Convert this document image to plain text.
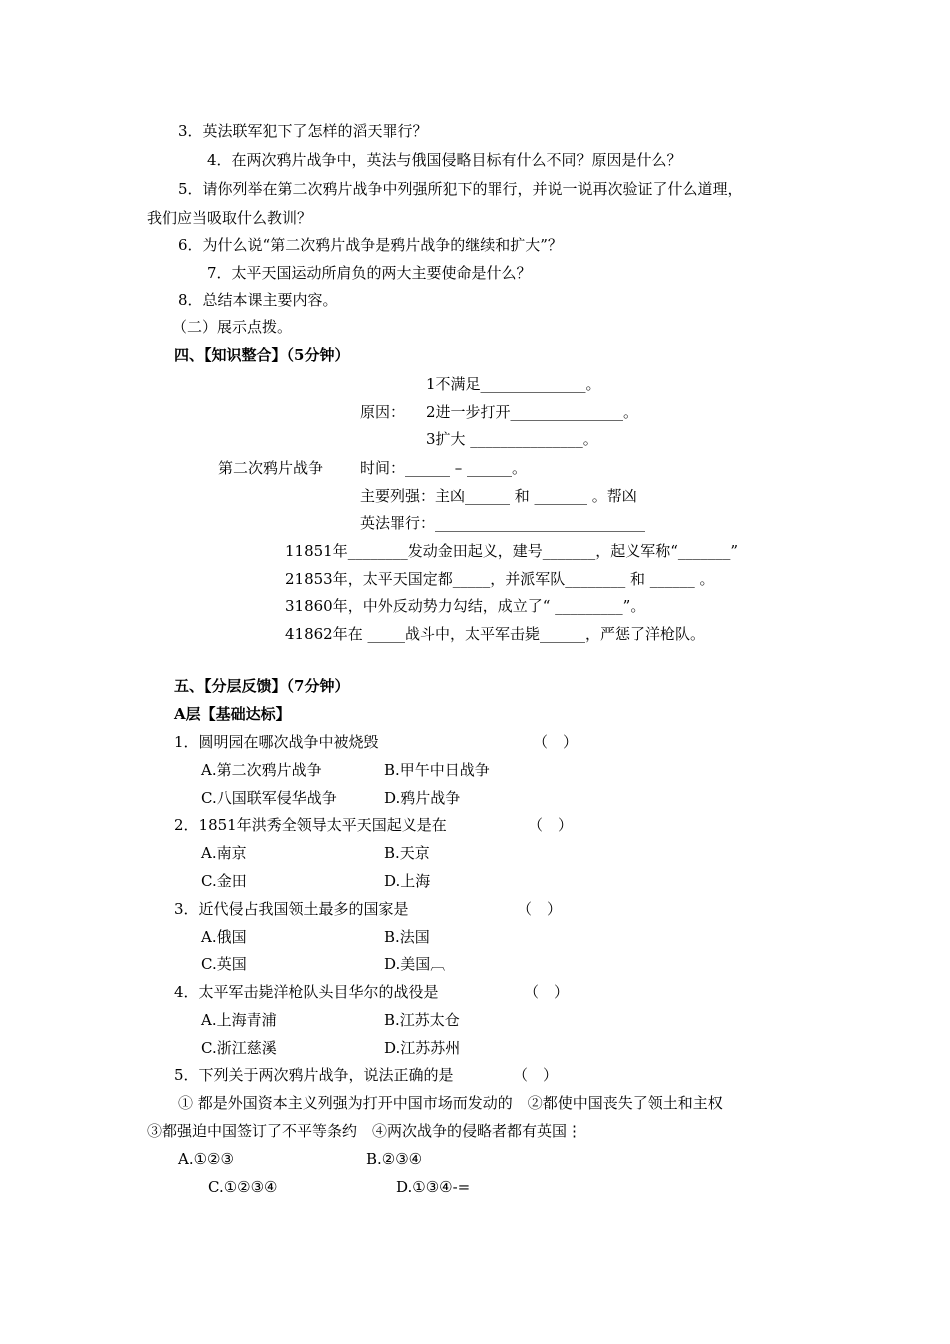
3．英法联军犯下了怎样的滔天罪行？
4．在两次鸦片战争中，英法与俄国侵略目标有什么不同？原因是什么？
5．请你列举在第二次鸦片战争中列强所犯下的罪行，并说一说再次验证了什么道理，
我们应当吸取什么教训？
6．为什么说“第二次鸦片战争是鸦片战争的继续和扩大”？
7．太平天国运动所肩负的两大主要使命是什么？
8．总结本课主要内容。
（二）展示点拨。
四、【知识整合】（5分钟）
1不满足______________。
原因： 2进一步打开_______________。
3扩大 _______________。
第二次鸦片战争 时间：______ – ______。
主要列强：主凶______ 和 _______ 。帮凶
英法罪行：____________________________
11851年________发动金田起义，建号_______，起义军称“_______”
21853年，太平天国定都_____，并派军队________ 和 ______ 。
31860年，中外反动势力勾结，成立了“ _________”。
41862年在 _____战斗中，太平军击毙______，严惩了洋枪队。
五、【分层反馈】（7分钟）
A层【基础达标】
1．圆明园在哪次战争中被烧毁	（　）
A.第二次鸦片战争	B.甲午中日战争
C.八国联军侵华战争	D.鸦片战争
2．1851年洪秀全领导太平天国起义是在	（　）
A.南京	B.天京
C.金田	D.上海
3．近代侵占我国领土最多的国家是	（　）
A.俄国	B.法国
C.英国	D.美国︹
4．太平军击毙洋枪队头目华尔的战役是	（　）
A.上海青浦	B.江苏太仓
C.浙江慈溪	D.江苏苏州
5．下列关于两次鸦片战争，说法正确的是	（　）
① 都是外国资本主义列强为打开中国市场而发动的　②都使中国丧失了领土和主权
③都强迫中国签订了不平等条约　④两次战争的侵略者都有英国⋮
A.①②③	B.②③④
C.①②③④	D.①③④-=
